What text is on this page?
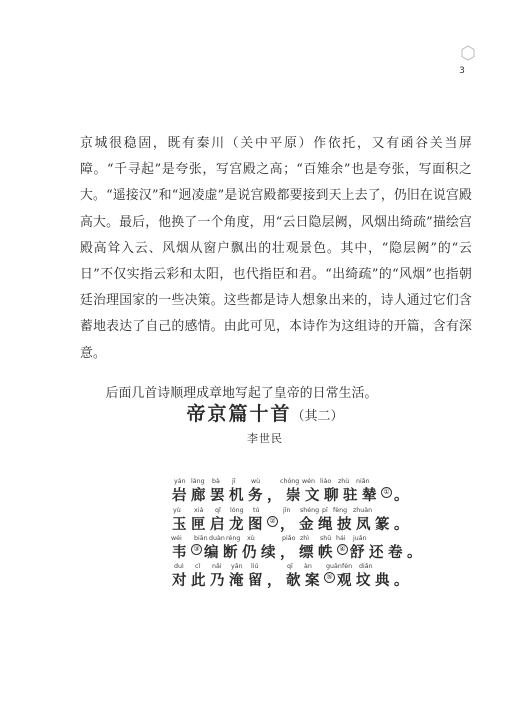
3

京城很稳固，既有秦川（关中平原）作依托，又有函谷关当屏障。“千寻起”是夸张，写宫殿之高；“百雉余”也是夸张，写面积之大。“遥接汉”和“迥凌虚”是说宫殿都要接到天上去了，仍旧在说宫殿高大。最后，他换了一个角度，用“云日隐层阙，风烟出绮疏”描绘宫殿高耸入云、风烟从窗户飘出的壮观景色。其中，“隐层阙”的“云日”不仅实指云彩和太阳，也代指臣和君。“出绮疏”的“风烟”也指朝廷治理国家的一些决策。这些都是诗人想象出来的，诗人通过它们含蓄地表达了自己的感情。由此可见，本诗作为这组诗的开篇，含有深意。

后面几首诗顺理成章地写起了皇帝的日常生活。

帝京篇十首（其二）
李世民
yán láng bà jī wù	chóng wén liáo zhù niǎn
岩廊罢机务，崇文聊驻辇 ① 。
yù xiá qǐ lóng tú	jīn shéng pī fèng zhuàn
玉匣启龙图 ② ，金绳披凤篆。
wéi biān duàn réng xù	piǎo zhì shū hái juǎn
韦 ③ 编断仍续，缥帙 ④ 舒还卷。
duì cǐ nǎi yān liú	qī àn guān fén diǎn
对此乃淹留，欹案 ⑤ 观坟典。
